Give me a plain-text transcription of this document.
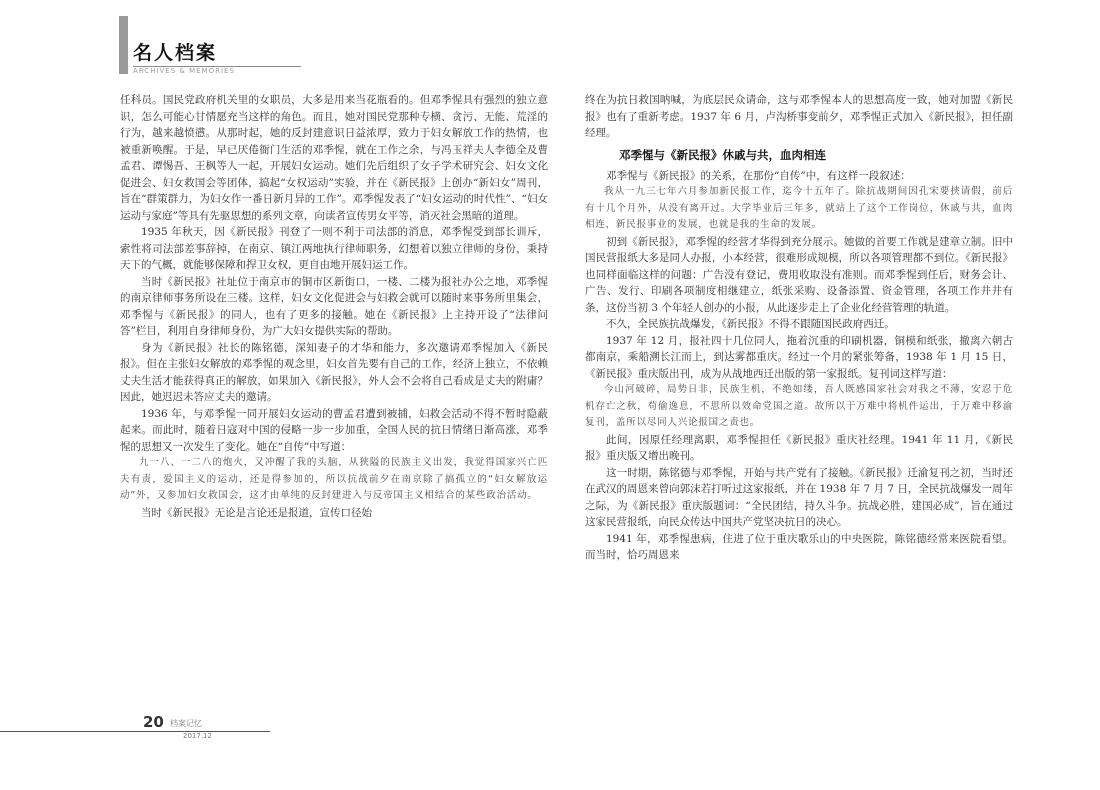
名人档案
ARCHIVES & MEMORIES

任科员。国民党政府机关里的女职员，大多是用来当花瓶看的。但邓季惺具有强烈的独立意识，怎么可能心甘情愿充当这样的角色。而且，她对国民党那种专横、贪污、无能、荒淫的行为，越来越愤懑。从那时起，她的反封建意识日益浓厚，致力于妇女解放工作的热情，也被重新唤醒。于是，早已厌倦衙门生活的邓季惺，就在工作之余，与冯玉祥夫人李德全及曹孟君、谭惕吾、王枫等人一起，开展妇女运动。她们先后组织了女子学术研究会、妇女文化促进会、妇女救国会等团体，搞起“女权运动”实验，并在《新民报》上创办“新妇女”周刊，旨在“群策群力，为妇女作一番日新月异的工作”。邓季惺发表了“妇女运动的时代性”、“妇女运动与家庭”等具有先驱思想的系列文章，向读者宣传男女平等，消灭社会黑暗的道理。

1935 年秋天，因《新民报》刊登了一则不利于司法部的消息，邓季惺受到部长训斥，索性将司法部差事辞掉，在南京、镇江两地执行律师职务，幻想着以独立律师的身份，秉持天下的气概，就能够保障和捍卫女权，更自由地开展妇运工作。

当时《新民报》社址位于南京市的铜市区新街口，一楼、二楼为报社办公之地，邓季惺的南京律师事务所设在三楼。这样，妇女文化促进会与妇救会就可以随时来事务所里集会，邓季惺与《新民报》的同人，也有了更多的接触。她在《新民报》上主持开设了“法律问答”栏目，利用自身律师身份，为广大妇女提供实际的帮助。

身为《新民报》社长的陈铭德，深知妻子的才华和能力，多次邀请邓季惺加入《新民报》。但在主张妇女解放的邓季惺的观念里，妇女首先要有自己的工作，经济上独立，不依赖丈夫生活才能获得真正的解放，如果加入《新民报》，外人会不会将自己看成是丈夫的附庸？因此，她迟迟未答应丈夫的邀请。

1936 年，与邓季惺一同开展妇女运动的曹孟君遭到被捕，妇救会活动不得不暂时隐蔽起来。而此时，随着日寇对中国的侵略一步一步加重，全国人民的抗日情绪日渐高涨，邓季惺的思想又一次发生了变化。她在“自传”中写道：

九一八、一二八的炮火，又冲醒了我的头脑，从狭隘的民族主义出发，我觉得国家兴亡匹夫有责，爱国主义的运动，还是得参加的，所以抗战前夕在南京除了搞孤立的“妇女解放运动”外，又参加妇女救国会，这才由单纯的反封建进入与反帝国主义相结合的某些政治活动。

当时《新民报》无论是言论还是报道，宣传口径始

终在为抗日救国呐喊，为底层民众请命，这与邓季惺本人的思想高度一致，她对加盟《新民报》也有了重新考虑。1937 年 6 月，卢沟桥事变前夕，邓季惺正式加入《新民报》，担任副经理。

邓季惺与《新民报》休戚与共，血肉相连

邓季惺与《新民报》的关系，在那份“自传”中，有这样一段叙述：

我从一九三七年六月参加新民报工作，迄今十五年了。除抗战期间因孔宋要挟请假，前后有十几个月外，从没有离开过。大学毕业后三年多，就站上了这个工作岗位，休戚与共，血肉相连，新民报事业的发展，也就是我的生命的发展。

初到《新民报》，邓季惺的经营才华得到充分展示。她做的首要工作就是建章立制。旧中国民营报纸大多是同人办报，小本经营，很难形成规模，所以各项管理都不到位。《新民报》也同样面临这样的问题：广告没有登记，费用收取没有准则。而邓季惺到任后，财务会计、广告、发行、印刷各项制度相继建立，纸张采购、设备添置、资金管理，各项工作井井有条，这份当初 3 个年轻人创办的小报，从此逐步走上了企业化经营管理的轨道。

不久，全民族抗战爆发，《新民报》不得不跟随国民政府西迁。

1937 年 12 月，报社四十几位同人，拖着沉重的印刷机器，铜模和纸张，撤离六朝古都南京，乘船溯长江而上，到达雾都重庆。经过一个月的紧张筹备，1938 年 1 月 15 日，《新民报》重庆版出刊，成为从战地西迁出版的第一家报纸。复刊词这样写道：

今山河破碎，局势日非，民族生机，不绝如缕，吾人既感国家社会对我之不薄，安忍于危机存亡之秋，苟偷逸息，不思所以效命党国之道。故所以于万难中将机件运出，于万难中移渝复刊，盖所以尽同人兴论报国之责也。

此间，因原任经理离职，邓季惺担任《新民报》重庆社经理。1941 年 11 月，《新民报》重庆版又增出晚刊。

这一时期，陈铭德与邓季惺，开始与共产党有了接触。《新民报》迁渝复刊之初，当时还在武汉的周恩来曾向郭沫若打听过这家报纸，并在 1938 年 7 月 7 日，全民抗战爆发一周年之际，为《新民报》重庆版题词：“全民团结，持久斗争。抗战必胜，建国必成”，旨在通过这家民营报纸，向民众传达中国共产党坚决抗日的决心。

1941 年，邓季惺患病，住进了位于重庆歌乐山的中央医院，陈铭德经常来医院看望。而当时，恰巧周恩来

20 档案记忆
2017.12
